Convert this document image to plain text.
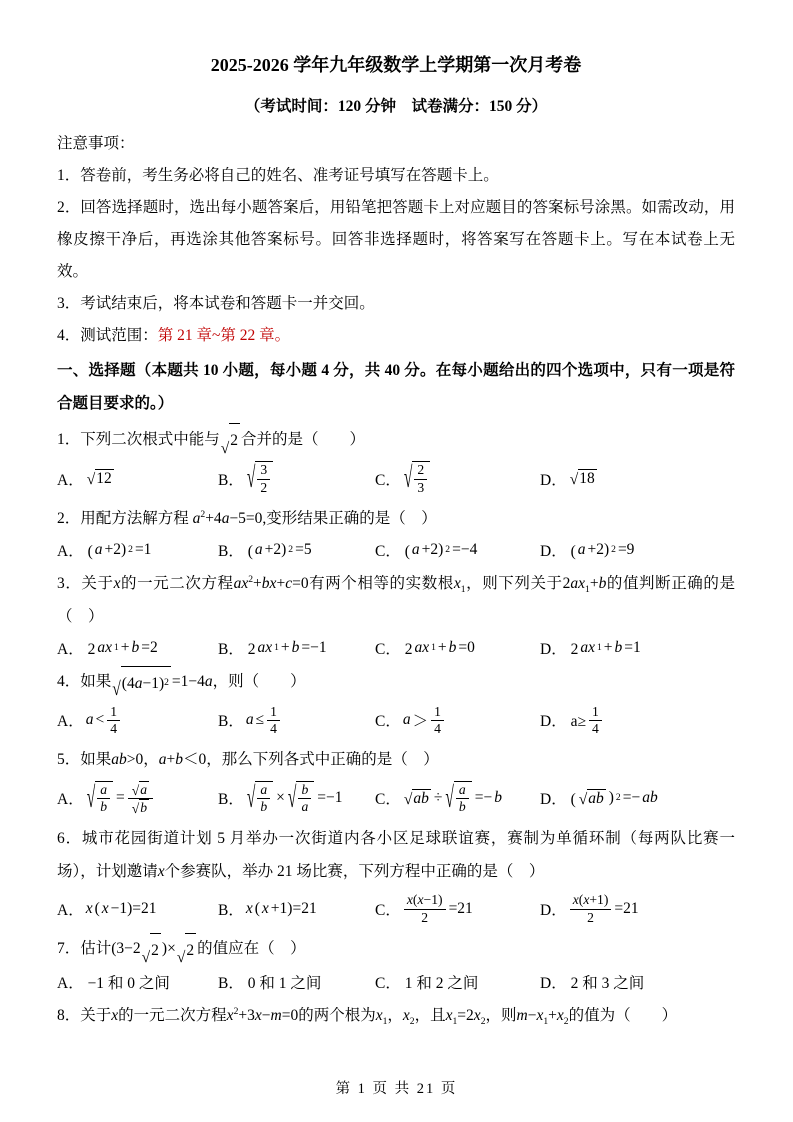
2025-2026 学年九年级数学上学期第一次月考卷
（考试时间：120 分钟　试卷满分：150 分）
注意事项：
1．答卷前，考生务必将自己的姓名、准考证号填写在答题卡上。
2．回答选择题时，选出每小题答案后，用铅笔把答题卡上对应题目的答案标号涂黑。如需改动，用橡皮擦干净后，再选涂其他答案标号。回答非选择题时，将答案写在答题卡上。写在本试卷上无效。
3．考试结束后，将本试卷和答题卡一并交回。
4．测试范围：第 21 章~第 22 章。
一、选择题（本题共 10 小题，每小题 4 分，共 40 分。在每小题给出的四个选项中，只有一项是符合题目要求的。）
1．下列二次根式中能与
√ 2 合并的是（　　）
A． √ 12	B． √ $\frac{3}{2}$	C． √ $\frac{2}{3}$	D． √ 18
2．用配方法解方程 $a^2+4a-5=0$,变形结果正确的是（　）
A． ( a +2) 2 =1	B． ( a +2) 2 =5	C． ( a +2) 2 =−4	D． ( a +2) 2 =9
3．关于x的一元二次方程$ax^2+bx+c=0$有两个相等的实数根$x_1$，则下列关于$2ax_1+b$的值判断正确的是（　）
A． 2 ax 1 + b =2	B． 2 ax 1 + b =−1	C． 2 ax 1 + b =0	D． 2 ax 1 + b =1
4．如果 √ (4 a −1) 2 =1−4a，则（　　）
A． $a < \frac{1}{4}$	B． $a \le \frac{1}{4}$	C． $a > \frac{1}{4}$	D． $a\ge \frac{1}{4}$
5．如果ab>0，a+b＜0，那么下列各式中正确的是（　）
A． √ $\frac{a}{b} = \frac{√ a}{√ b}$	B． √ $\frac{a}{b}$ × √ $\frac{b}{a} =-1$	C． √ ab ÷ √ $\frac{a}{b} =- b$ D． ( √ ab ) 2 =− ab
6．城市花园街道计划 5 月举办一次街道内各小区足球联谊赛，赛制为单循环制（每两队比赛一场），计划邀请x个参赛队，举办 21 场比赛，下列方程中正确的是（　）
A． x ( x −1)=21	B． x ( x +1)=21	C． $\frac{x(x-1)}{2} =21$	D． $\frac{x(x+1)}{2} =21$
7．估计(3−2
√ 2 )×
√ 2 的值应在（　）
A． −1 和 0 之间	B． 0 和 1 之间	C． 1 和 2 之间	D． 2 和 3 之间
8．关于x的一元二次方程$x^2+3x-m=0$的两个根为$x_1$，$x_2$，且$x_1=2x_2$，则$m-x_1+x_2$的值为（　　）
第 1 页 共 21 页
